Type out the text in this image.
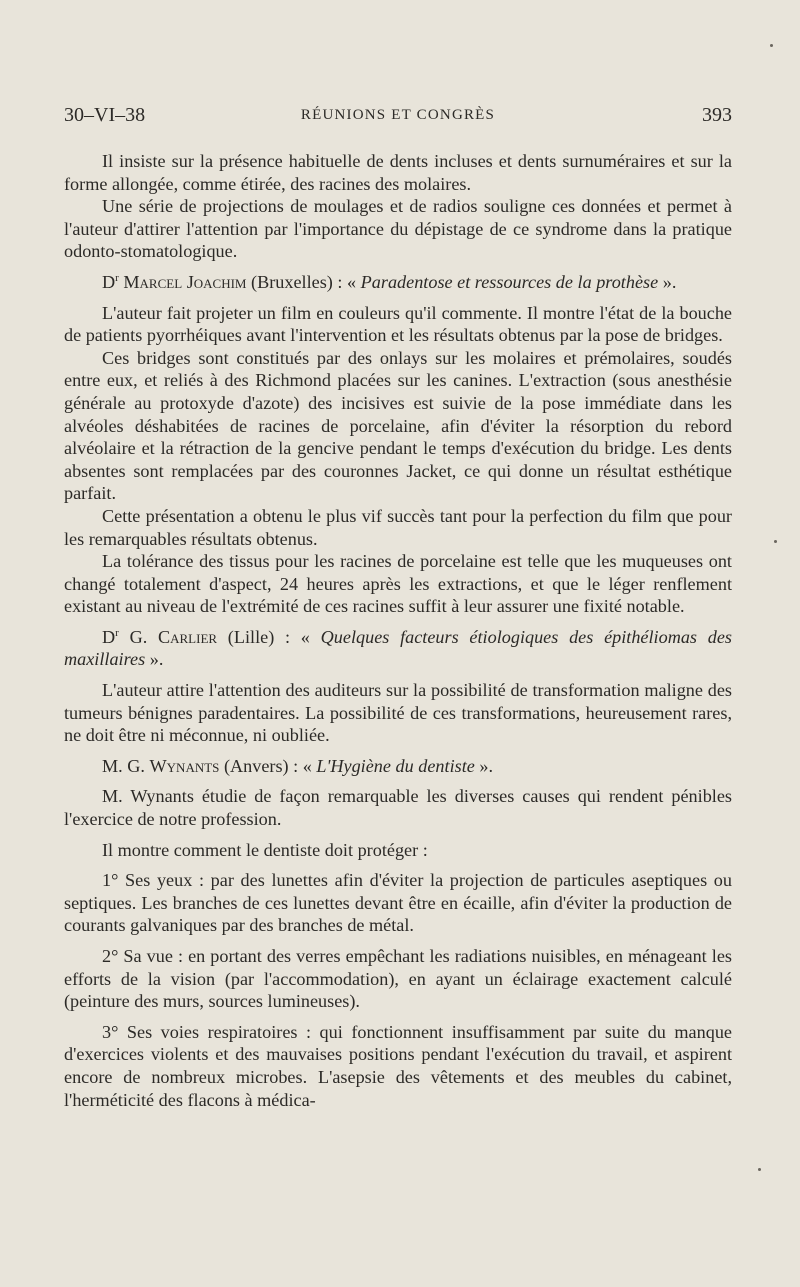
30–VI–38	RÉUNIONS ET CONGRÈS	393

Il insiste sur la présence habituelle de dents incluses et dents surnuméraires et sur la forme allongée, comme étirée, des racines des molaires.

Une série de projections de moulages et de radios souligne ces données et permet à l'auteur d'attirer l'attention par l'importance du dépistage de ce syndrome dans la pratique odonto-stomatologique.

$D^r$ Marcel Joachim (Bruxelles) : « Paradentose et ressources de la prothèse ».

L'auteur fait projeter un film en couleurs qu'il commente. Il montre l'état de la bouche de patients pyorrhéiques avant l'intervention et les résultats obtenus par la pose de bridges.

Ces bridges sont constitués par des onlays sur les molaires et prémolaires, soudés entre eux, et reliés à des Richmond placées sur les canines. L'extraction (sous anesthésie générale au protoxyde d'azote) des incisives est suivie de la pose immédiate dans les alvéoles déshabitées de racines de porcelaine, afin d'éviter la résorption du rebord alvéolaire et la rétraction de la gencive pendant le temps d'exécution du bridge. Les dents absentes sont remplacées par des couronnes Jacket, ce qui donne un résultat esthétique parfait.

Cette présentation a obtenu le plus vif succès tant pour la perfection du film que pour les remarquables résultats obtenus.

La tolérance des tissus pour les racines de porcelaine est telle que les muqueuses ont changé totalement d'aspect, 24 heures après les extractions, et que le léger renflement existant au niveau de l'extrémité de ces racines suffit à leur assurer une fixité notable.

$D^r$ G. Carlier (Lille) : « Quelques facteurs étiologiques des épithéliomas des maxillaires ».

L'auteur attire l'attention des auditeurs sur la possibilité de transformation maligne des tumeurs bénignes paradentaires. La possibilité de ces transformations, heureusement rares, ne doit être ni méconnue, ni oubliée.

M. G. Wynants (Anvers) : « L'Hygiène du dentiste ».

M. Wynants étudie de façon remarquable les diverses causes qui rendent pénibles l'exercice de notre profession.

Il montre comment le dentiste doit protéger :

1° Ses yeux : par des lunettes afin d'éviter la projection de particules aseptiques ou septiques. Les branches de ces lunettes devant être en écaille, afin d'éviter la production de courants galvaniques par des branches de métal.

2° Sa vue : en portant des verres empêchant les radiations nuisibles, en ménageant les efforts de la vision (par l'accommodation), en ayant un éclairage exactement calculé (peinture des murs, sources lumineuses).

3° Ses voies respiratoires : qui fonctionnent insuffisamment par suite du manque d'exercices violents et des mauvaises positions pendant l'exécution du travail, et aspirent encore de nombreux microbes. L'asepsie des vêtements et des meubles du cabinet, l'herméticité des flacons à médica-
